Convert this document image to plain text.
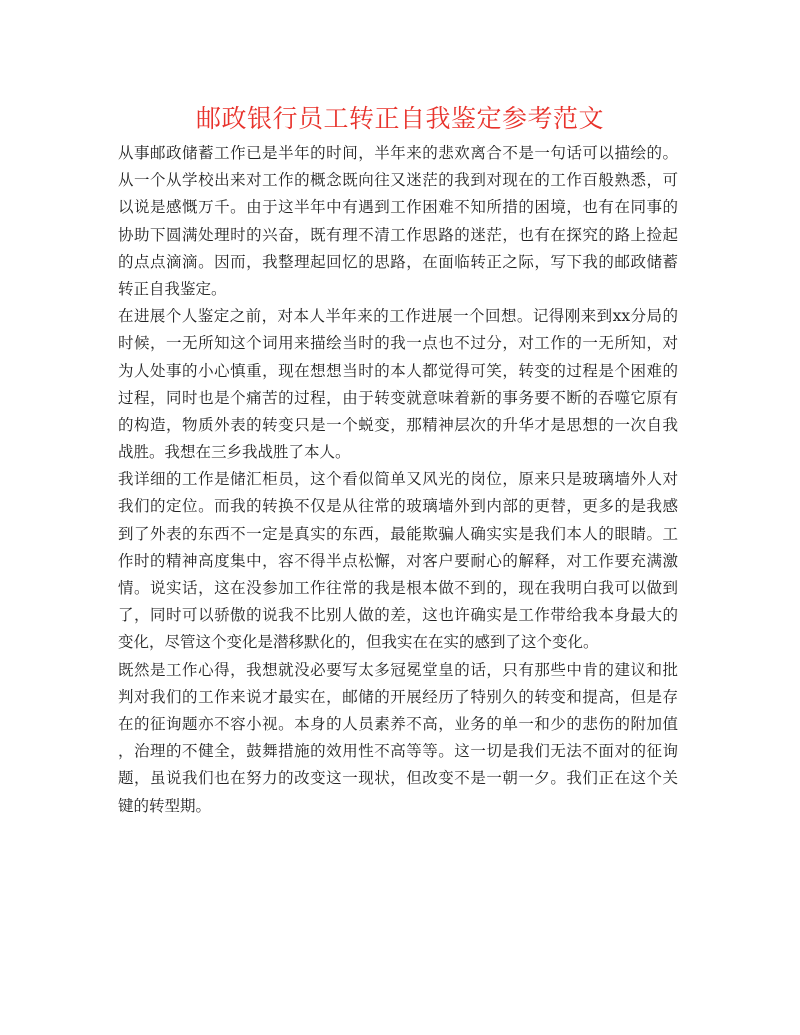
邮政银行员工转正自我鉴定参考范文
从事邮政储蓄工作已是半年的时间，半年来的悲欢离合不是一句话可以描绘的。
从一个从学校出来对工作的概念既向往又迷茫的我到对现在的工作百般熟悉，可
以说是感慨万千。由于这半年中有遇到工作困难不知所措的困境，也有在同事的
协助下圆满处理时的兴奋，既有理不清工作思路的迷茫，也有在探究的路上捡起
的点点滴滴。因而，我整理起回忆的思路，在面临转正之际，写下我的邮政储蓄
转正自我鉴定。
在进展个人鉴定之前，对本人半年来的工作进展一个回想。记得刚来到xx分局的
时候，一无所知这个词用来描绘当时的我一点也不过分，对工作的一无所知，对
为人处事的小心慎重，现在想想当时的本人都觉得可笑，转变的过程是个困难的
过程，同时也是个痛苦的过程，由于转变就意味着新的事务要不断的吞噬它原有
的构造，物质外表的转变只是一个蜕变，那精神层次的升华才是思想的一次自我
战胜。我想在三乡我战胜了本人。
我详细的工作是储汇柜员，这个看似简单又风光的岗位，原来只是玻璃墙外人对
我们的定位。而我的转换不仅是从往常的玻璃墙外到内部的更替，更多的是我感
到了外表的东西不一定是真实的东西，最能欺骗人确实实是我们本人的眼睛。工
作时的精神高度集中，容不得半点松懈，对客户要耐心的解释，对工作要充满激
情。说实话，这在没参加工作往常的我是根本做不到的，现在我明白我可以做到
了，同时可以骄傲的说我不比别人做的差，这也许确实是工作带给我本身最大的
变化，尽管这个变化是潜移默化的，但我实在在实的感到了这个变化。
既然是工作心得，我想就没必要写太多冠冕堂皇的话，只有那些中肯的建议和批
判对我们的工作来说才最实在，邮储的开展经历了特别久的转变和提高，但是存
在的征询题亦不容小视。本身的人员素养不高，业务的单一和少的悲伤的附加值
，治理的不健全，鼓舞措施的效用性不高等等。这一切是我们无法不面对的征询
题，虽说我们也在努力的改变这一现状，但改变不是一朝一夕。我们正在这个关
键的转型期。
